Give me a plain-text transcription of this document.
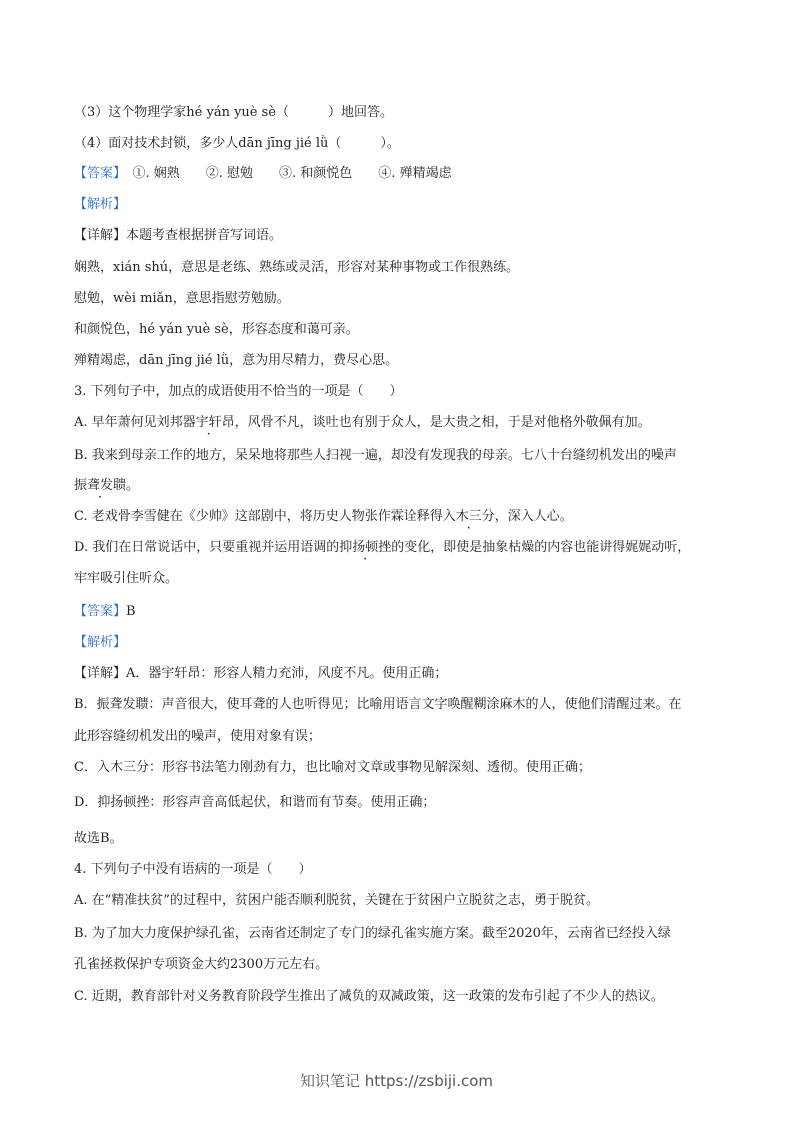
（3）这个物理学家hé yán yuè sè（　　　）地回答。
（4）面对技术封锁，多少人dān jīng jié lǜ（　　　）。
【答案】　①. 娴熟　　②. 慰勉　　③. 和颜悦色　　④. 殚精竭虑
【解析】
【详解】本题考查根据拼音写词语。
娴熟，xián shú，意思是老练、熟练或灵活，形容对某种事物或工作很熟练。
慰勉，wèi miǎn，意思指慰劳勉励。
和颜悦色，hé yán yuè sè，形容态度和蔼可亲。
殚精竭虑，dān jīng jié lǜ，意为用尽精力，费尽心思。
3. 下列句子中，加点的成语使用不恰当的一项是（　　）
A. 早年萧何见刘邦器宇轩昂，风骨不凡，谈吐也有别于众人，是大贵之相，于是对他格外敬佩有加。
B. 我来到母亲工作的地方，呆呆地将那些人扫视一遍，却没有发现我的母亲。七八十台缝纫机发出的噪声
振聋发聩。
C. 老戏骨李雪健在《少帅》这部剧中，将历史人物张作霖诠释得入木三分，深入人心。
D. 我们在日常说话中，只要重视并运用语调的抑扬顿挫的变化，即使是抽象枯燥的内容也能讲得娓娓动听，
牢牢吸引住听众。
【答案】B
【解析】
【详解】A．器宇轩昂：形容人精力充沛，风度不凡。使用正确；
B．振聋发聩：声音很大，使耳聋的人也听得见；比喻用语言文字唤醒糊涂麻木的人，使他们清醒过来。在
此形容缝纫机发出的噪声，使用对象有误；
C．入木三分：形容书法笔力刚劲有力，也比喻对文章或事物见解深刻、透彻。使用正确；
D．抑扬顿挫：形容声音高低起伏，和谐而有节奏。使用正确；
故选B。
4. 下列句子中没有语病的一项是（　　）
A. 在“精准扶贫”的过程中，贫困户能否顺利脱贫，关键在于贫困户立脱贫之志，勇于脱贫。
B. 为了加大力度保护绿孔雀，云南省还制定了专门的绿孔雀实施方案。截至2020年，云南省已经投入绿
孔雀拯救保护专项资金大约2300万元左右。
C. 近期，教育部针对义务教育阶段学生推出了减负的双减政策，这一政策的发布引起了不少人的热议。
知识笔记 https://zsbiji.com
